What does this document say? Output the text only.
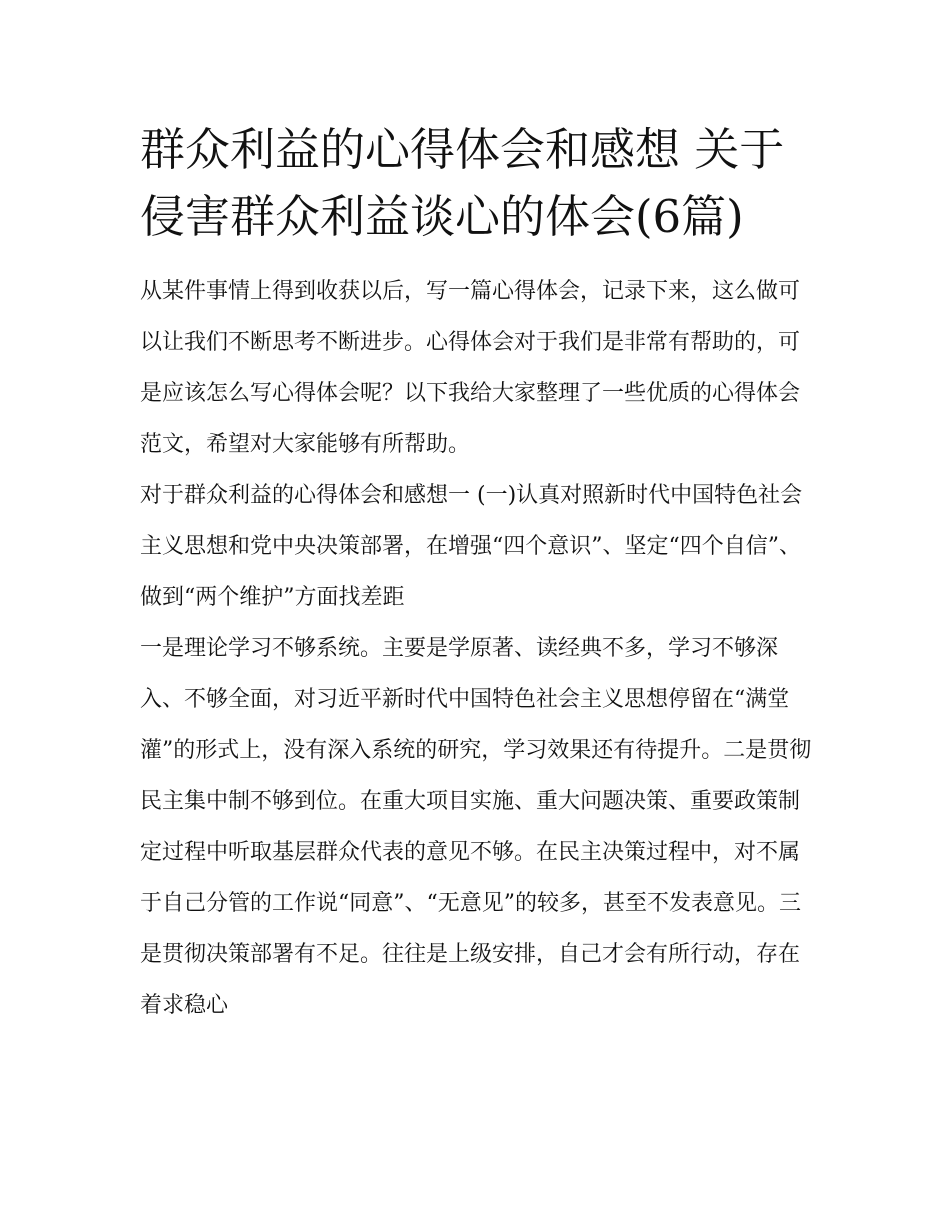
群众利益的心得体会和感想 关于侵害群众利益谈心的体会(6篇)

从某件事情上得到收获以后，写一篇心得体会，记录下来，这么做可以让我们不断思考不断进步。心得体会对于我们是非常有帮助的，可是应该怎么写心得体会呢？以下我给大家整理了一些优质的心得体会范文，希望对大家能够有所帮助。

对于群众利益的心得体会和感想一 (一)认真对照新时代中国特色社会主义思想和党中央决策部署，在增强“四个意识”、坚定“四个自信”、做到“两个维护”方面找差距

一是理论学习不够系统。主要是学原著、读经典不多，学习不够深入、不够全面，对习近平新时代中国特色社会主义思想停留在“满堂灌”的形式上，没有深入系统的研究，学习效果还有待提升。二是贯彻民主集中制不够到位。在重大项目实施、重大问题决策、重要政策制定过程中听取基层群众代表的意见不够。在民主决策过程中，对不属于自己分管的工作说“同意”、“无意见”的较多，甚至不发表意见。三是贯彻决策部署有不足。往往是上级安排，自己才会有所行动，存在着求稳心
